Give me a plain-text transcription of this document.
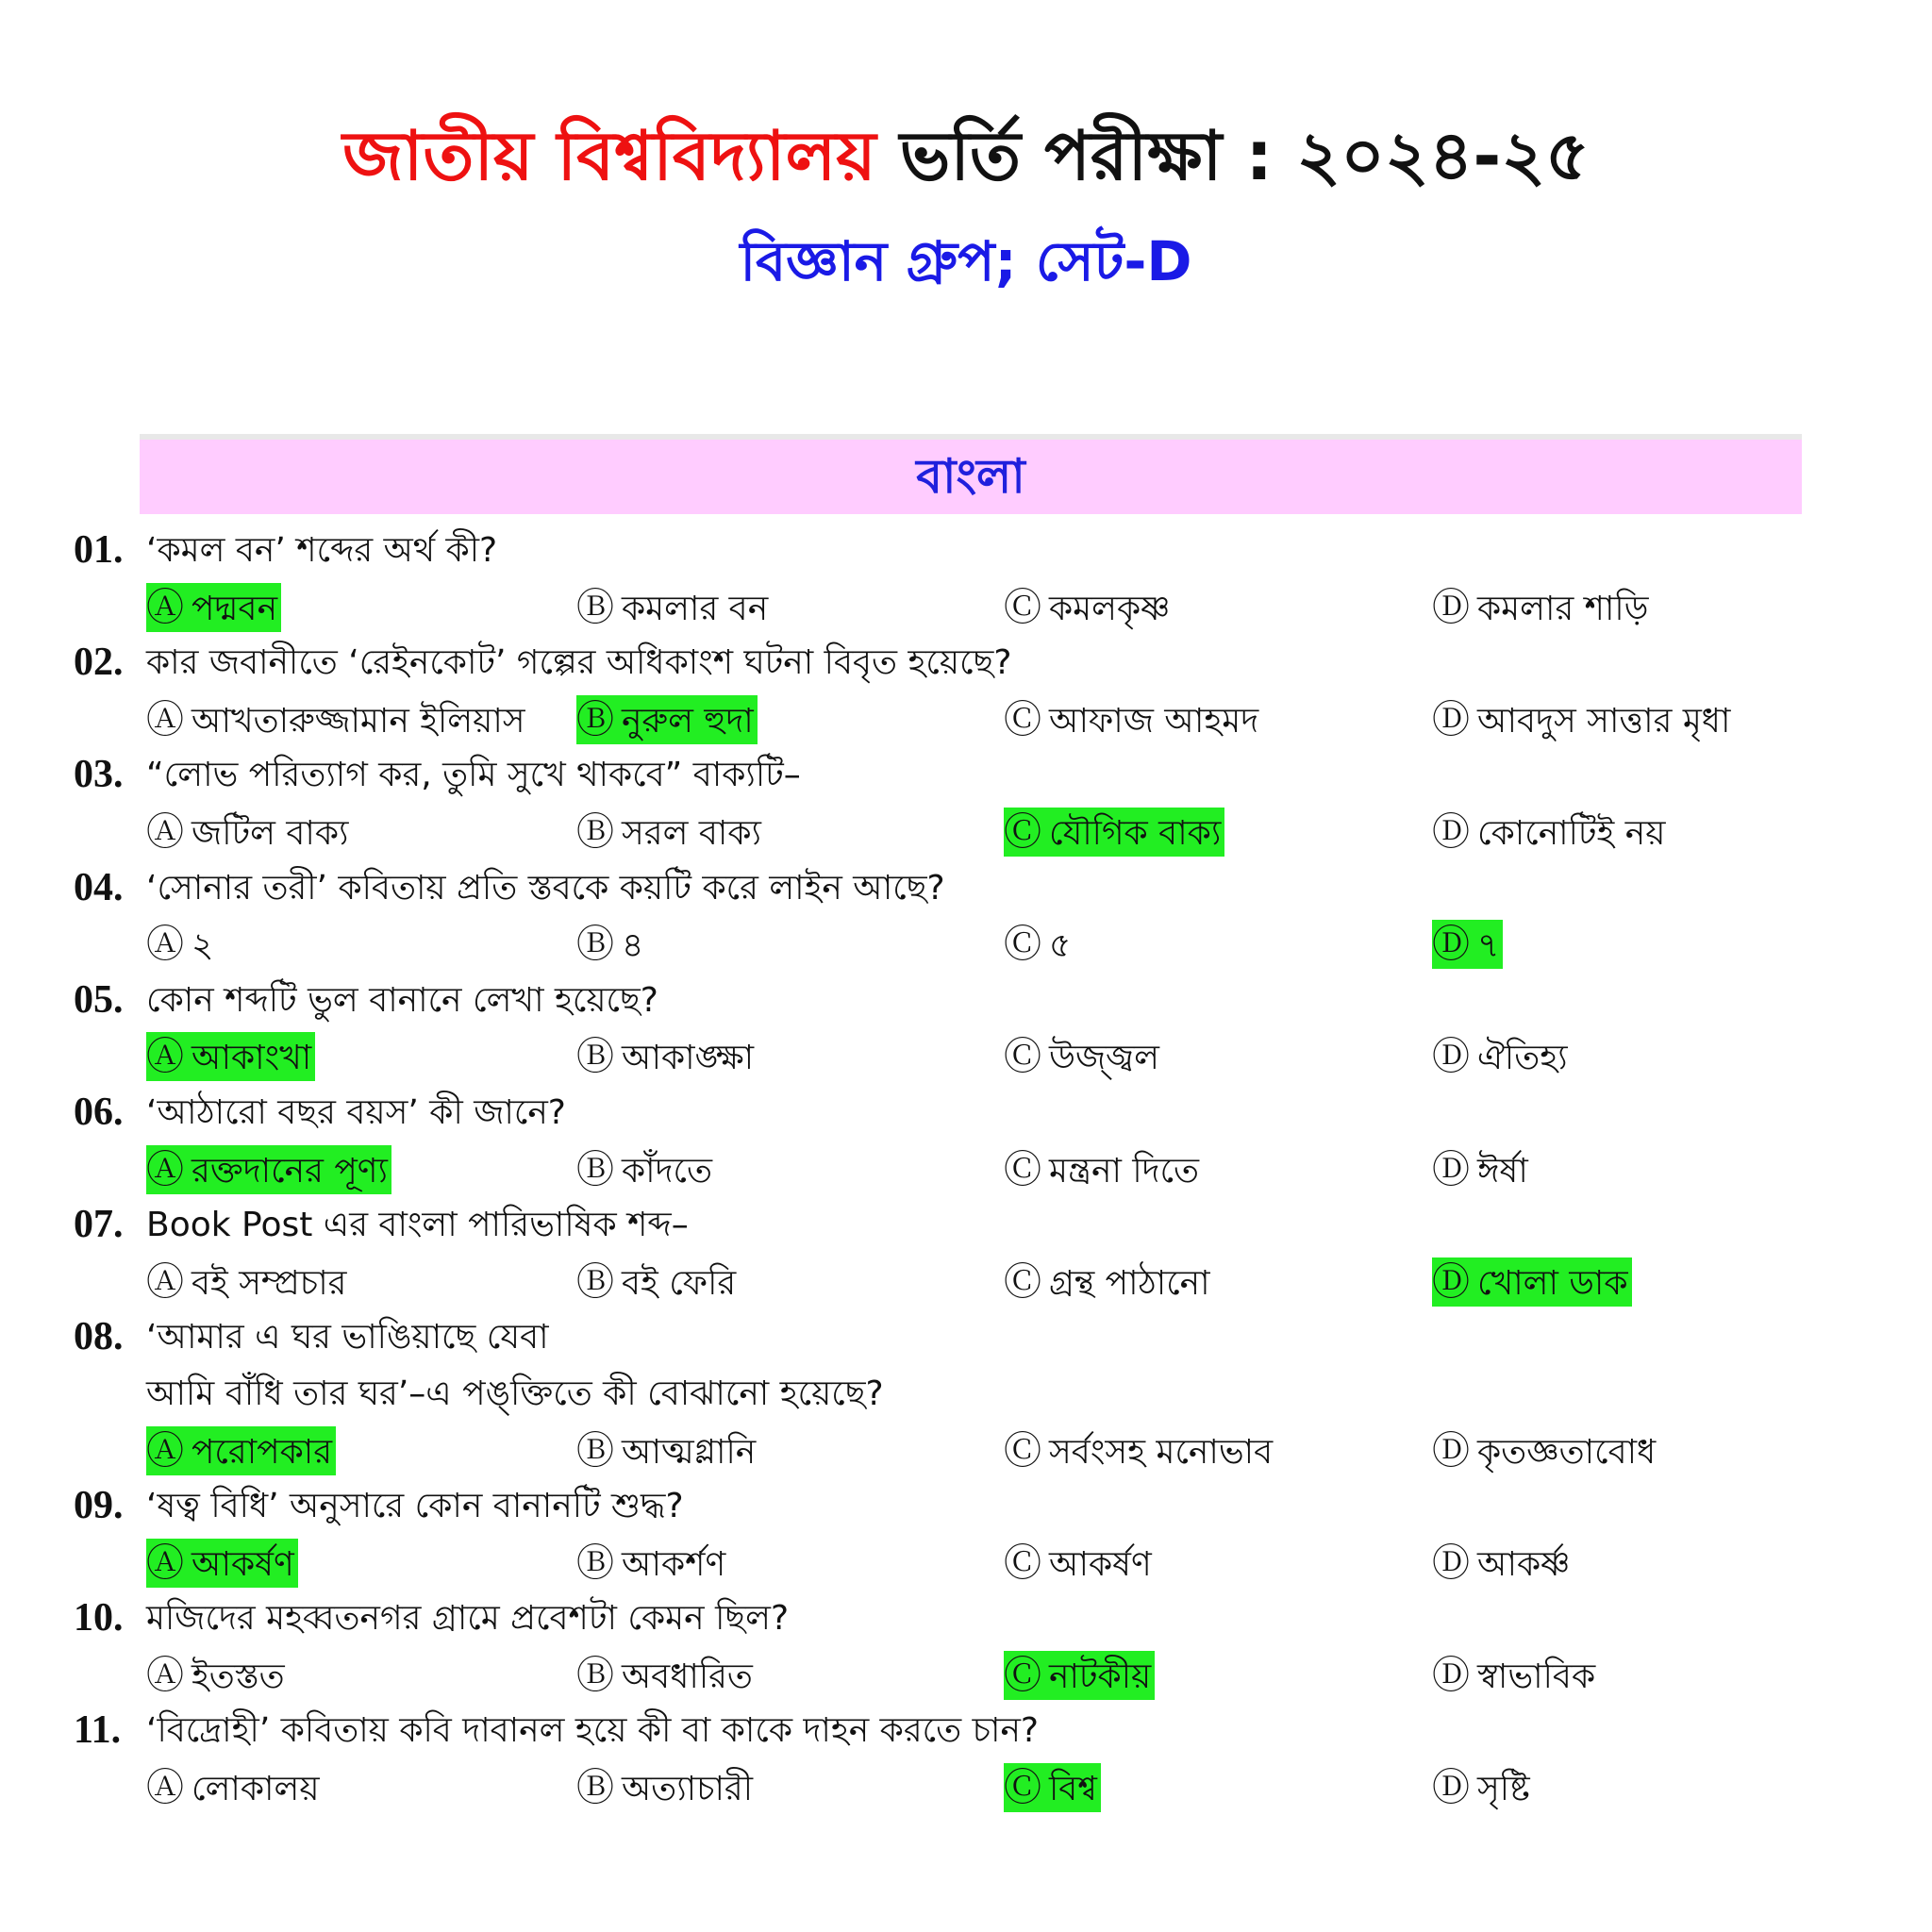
জাতীয় বিশ্ববিদ্যালয় ভর্তি পরীক্ষা : ২০২৪-২৫
বিজ্ঞান গ্রুপ; সেট-D
বাংলা
01. ‘কমল বন’ শব্দের অর্থ কী?
Ⓐ পদ্মবন	Ⓑ কমলার বন	Ⓒ কমলকৃষ্ণ	Ⓓ কমলার শাড়ি
02. কার জবানীতে ‘রেইনকোট’ গল্পের অধিকাংশ ঘটনা বিবৃত হয়েছে?
Ⓐ আখতারুজ্জামান ইলিয়াস Ⓑ নুরুল হুদা	Ⓒ আফাজ আহমদ	Ⓓ আবদুস সাত্তার মৃধা
03. “লোভ পরিত্যাগ কর, তুমি সুখে থাকবে” বাক্যটি–
Ⓐ জটিল বাক্য	Ⓑ সরল বাক্য	Ⓒ যৌগিক বাক্য	Ⓓ কোনোটিই নয়
04. ‘সোনার তরী’ কবিতায় প্রতি স্তবকে কয়টি করে লাইন আছে?
Ⓐ ২	Ⓑ ৪	Ⓒ ৫	Ⓓ ৭
05. কোন শব্দটি ভুল বানানে লেখা হয়েছে?
Ⓐ আকাংখা	Ⓑ আকাঙ্ক্ষা	Ⓒ উজ্জ্বল	Ⓓ ঐতিহ্য
06. ‘আঠারো বছর বয়স’ কী জানে?
Ⓐ রক্তদানের পূণ্য	Ⓑ কাঁদতে	Ⓒ মন্ত্রনা দিতে	Ⓓ ঈর্ষা
07. Book Post এর বাংলা পারিভাষিক শব্দ–
Ⓐ বই সম্প্রচার	Ⓑ বই ফেরি	Ⓒ গ্রন্থ পাঠানো	Ⓓ খোলা ডাক
08. ‘আমার এ ঘর ভাঙিয়াছে যেবা
আমি বাঁধি তার ঘর’–এ পঙ্‌ক্তিতে কী বোঝানো হয়েছে?
Ⓐ পরোপকার	Ⓑ আত্মগ্লানি	Ⓒ সর্বংসহ মনোভাব	Ⓓ কৃতজ্ঞতাবোধ
09. ‘ষত্ব বিধি’ অনুসারে কোন বানানটি শুদ্ধ?
Ⓐ আকর্ষণ	Ⓑ আকর্শণ	Ⓒ আকর্ষণ	Ⓓ আকর্ষ্ণ
10. মজিদের মহব্বতনগর গ্রামে প্রবেশটা কেমন ছিল?
Ⓐ ইতস্তত	Ⓑ অবধারিত	Ⓒ নাটকীয়	Ⓓ স্বাভাবিক
11. ‘বিদ্রোহী’ কবিতায় কবি দাবানল হয়ে কী বা কাকে দাহন করতে চান?
Ⓐ লোকালয়	Ⓑ অত্যাচারী	Ⓒ বিশ্ব	Ⓓ সৃষ্টি
